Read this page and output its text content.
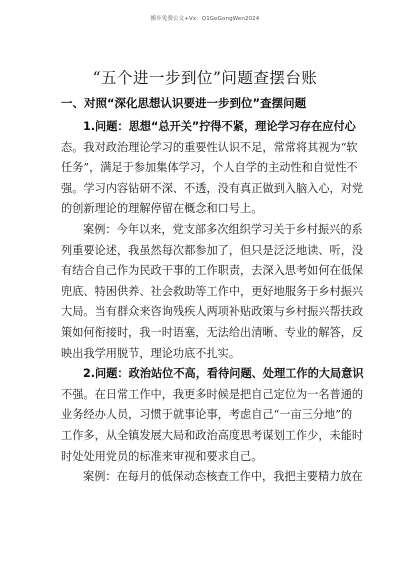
搬步免费公文+Vx：Q1GeGongWen2024
“五个进一步到位”问题查摆台账
一、对照“深化思想认识要进一步到位”查摆问题
1.问题：思想“总开关”拧得不紧，理论学习存在应付心
态。我对政治理论学习的重要性认识不足，常常将其视为“软
任务”，满足于参加集体学习，个人自学的主动性和自觉性不
强。学习内容钻研不深、不透，没有真正做到入脑入心，对党
的创新理论的理解停留在概念和口号上。
案例：今年以来，党支部多次组织学习关于乡村振兴的系
列重要论述，我虽然每次都参加了，但只是泛泛地读、听，没
有结合自己作为民政干事的工作职责，去深入思考如何在低保
兜底、特困供养、社会救助等工作中，更好地服务于乡村振兴
大局。当有群众来咨询残疾人两项补贴政策与乡村振兴帮扶政
策如何衔接时，我一时语塞，无法给出清晰、专业的解答，反
映出我学用脱节，理论功底不扎实。
2.问题：政治站位不高，看待问题、处理工作的大局意识
不强。在日常工作中，我更多时候是把自己定位为一名普通的
业务经办人员，习惯于就事论事，考虑自己“一亩三分地”的
工作多，从全镇发展大局和政治高度思考谋划工作少，未能时
时处处用党员的标准来审视和要求自己。
案例：在每月的低保动态核查工作中，我把主要精力放在
